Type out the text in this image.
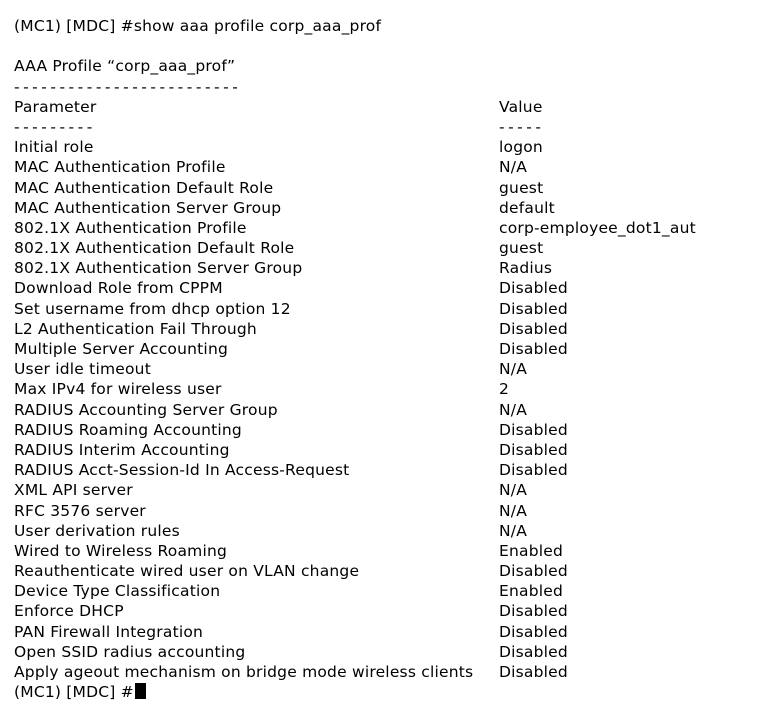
(MC1) [MDC] #show aaa profile corp_aaa_prof
AAA Profile “corp_aaa_prof”
-------------------------
Parameter	Value
---------	-----
Initial role	logon
MAC Authentication Profile	N/A
MAC Authentication Default Role	guest
MAC Authentication Server Group	default
802.1X Authentication Profile	corp-employee_dot1_aut
802.1X Authentication Default Role	guest
802.1X Authentication Server Group	Radius
Download Role from CPPM	Disabled
Set username from dhcp option 12	Disabled
L2 Authentication Fail Through	Disabled
Multiple Server Accounting	Disabled
User idle timeout	N/A
Max IPv4 for wireless user	2
RADIUS Accounting Server Group	N/A
RADIUS Roaming Accounting	Disabled
RADIUS Interim Accounting	Disabled
RADIUS Acct-Session-Id In Access-Request	Disabled
XML API server	N/A
RFC 3576 server	N/A
User derivation rules	N/A
Wired to Wireless Roaming	Enabled
Reauthenticate wired user on VLAN change	Disabled
Device Type Classification	Enabled
Enforce DHCP	Disabled
PAN Firewall Integration	Disabled
Open SSID radius accounting	Disabled
Apply ageout mechanism on bridge mode wireless clients	Disabled
(MC1) [MDC] #
